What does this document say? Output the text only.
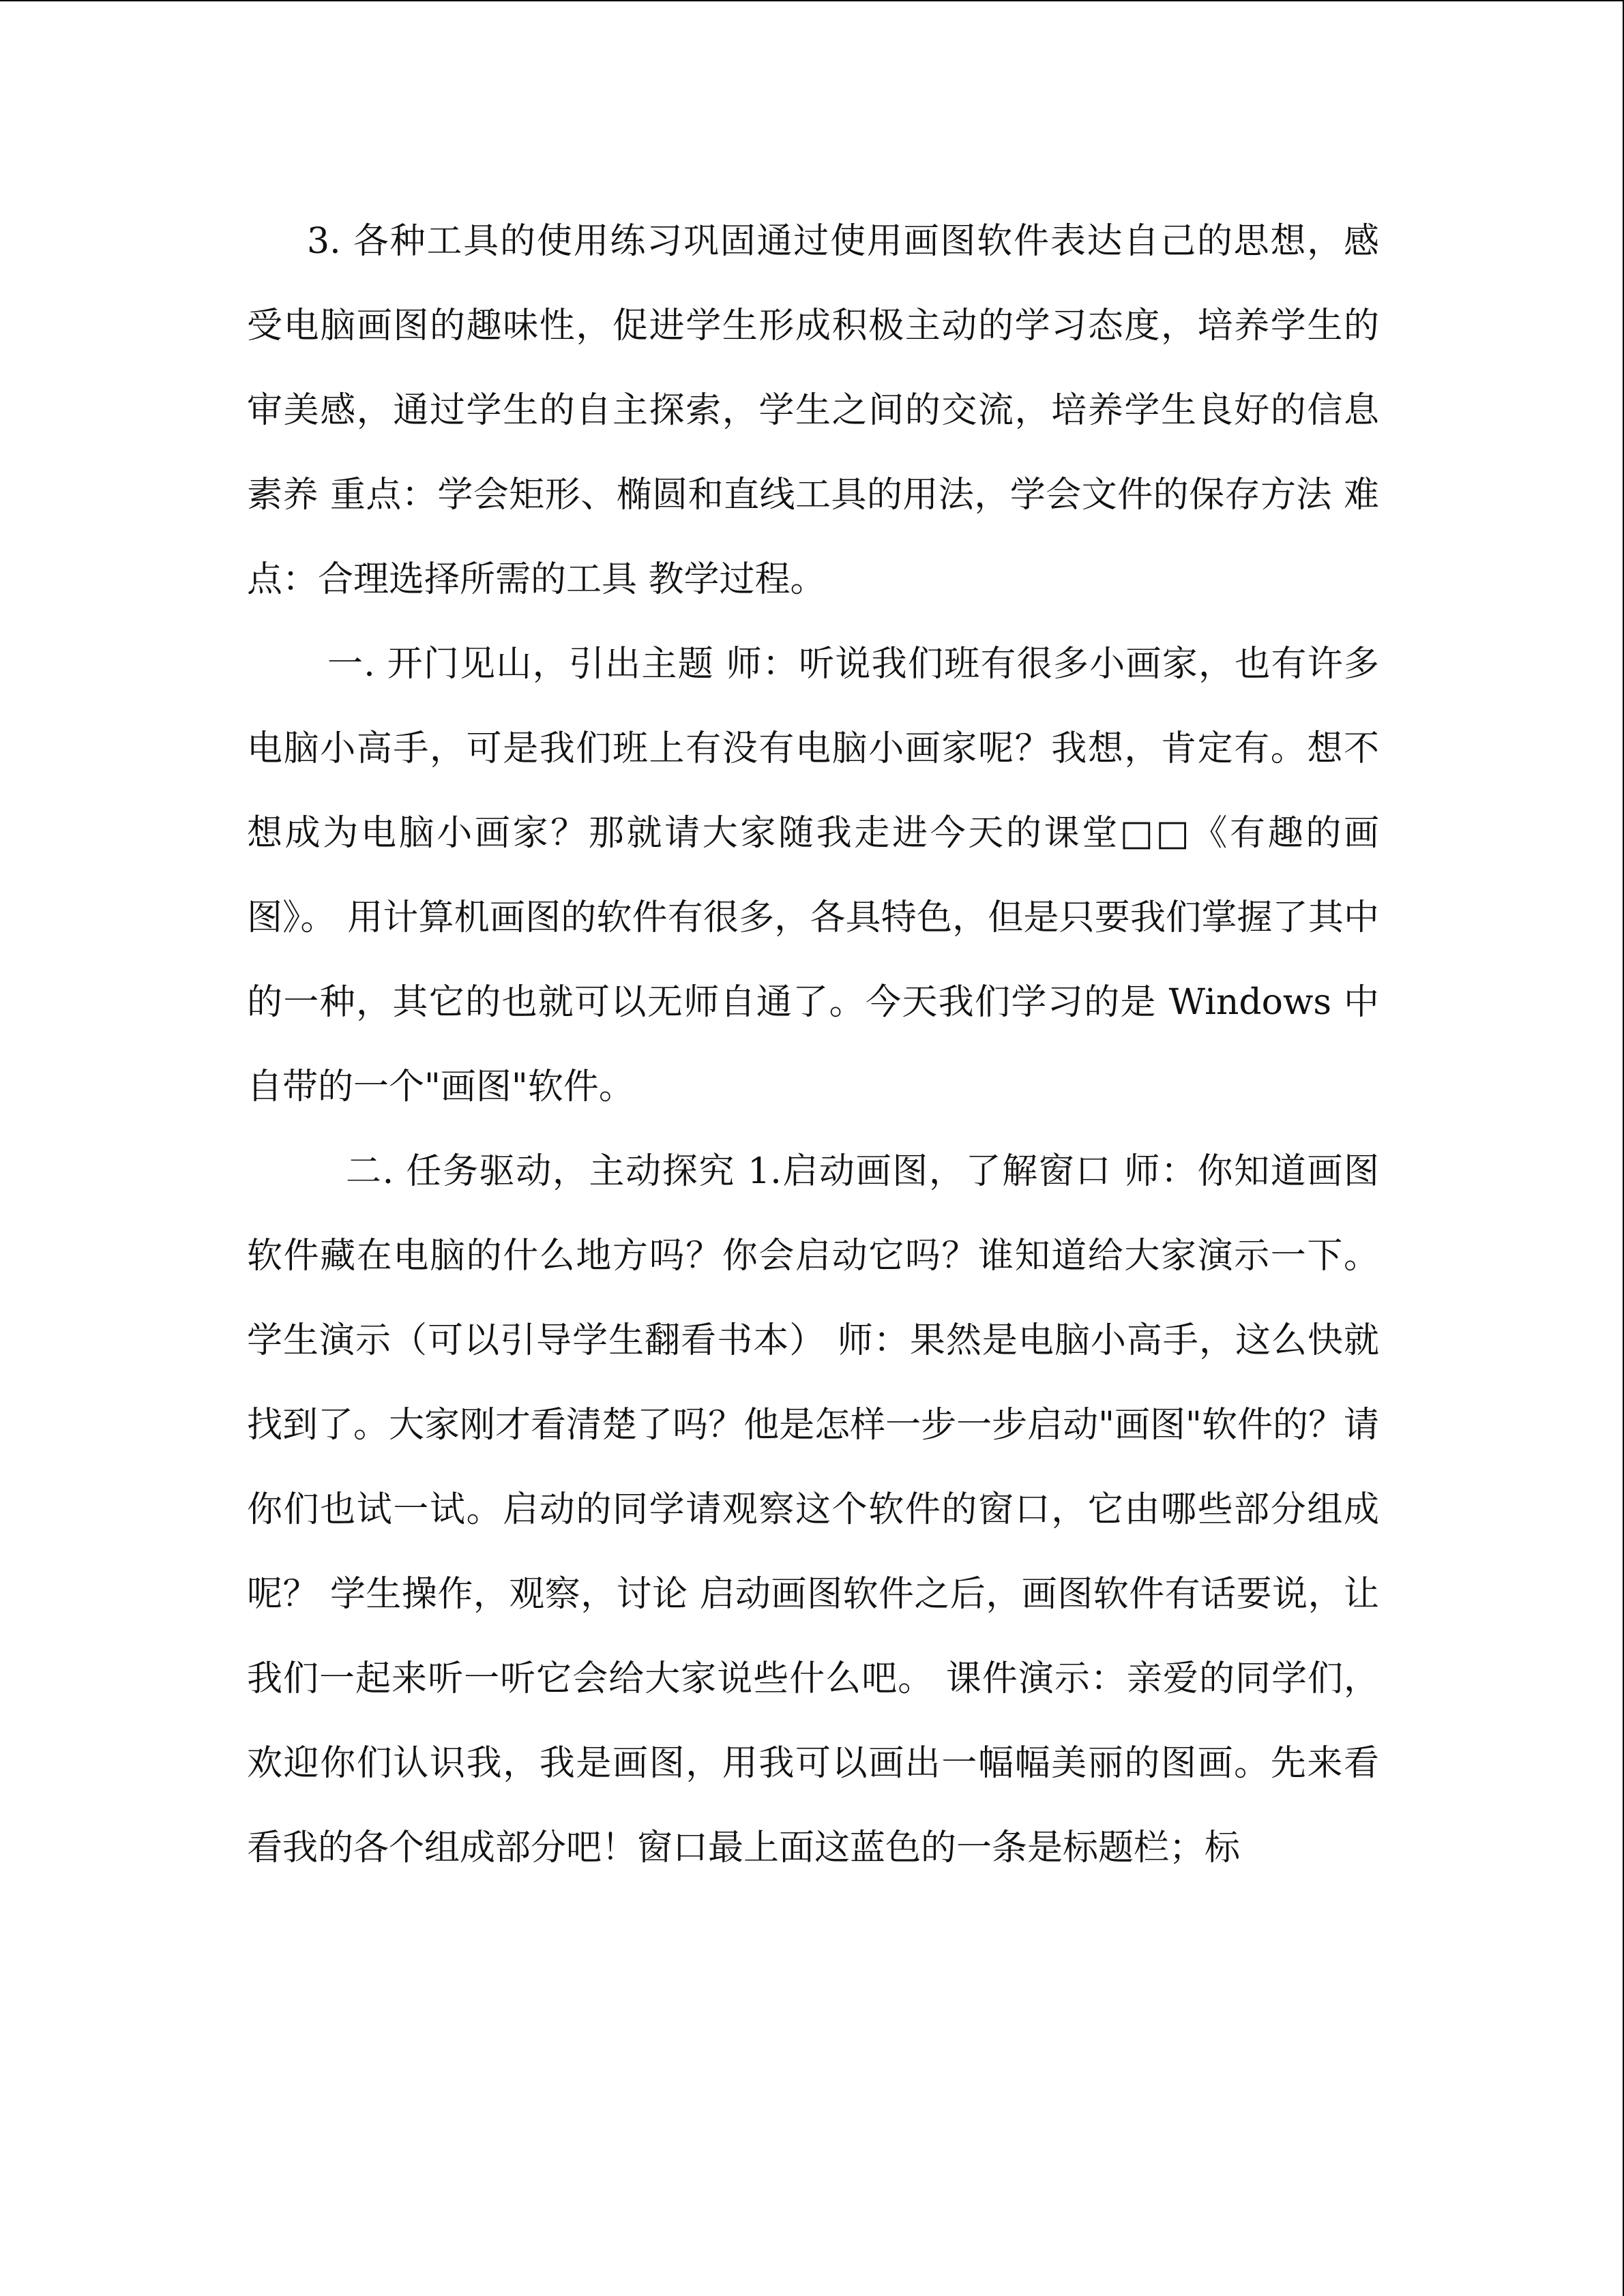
3. 各种工具的使用练习巩固通过使用画图软件表达自己的思想，感受电脑画图的趣味性，促进学生形成积极主动的学习态度，培养学生的审美感，通过学生的自主探索，学生之间的交流，培养学生良好的信息素养 重点：学会矩形、椭圆和直线工具的用法，学会文件的保存方法 难点：合理选择所需的工具 教学过程。

一. 开门见山，引出主题 师：听说我们班有很多小画家，也有许多电脑小高手，可是我们班上有没有电脑小画家呢？我想，肯定有。想不想成为电脑小画家？那就请大家随我走进今天的课堂□□《有趣的画图》。 用计算机画图的软件有很多，各具特色，但是只要我们掌握了其中的一种，其它的也就可以无师自通了。今天我们学习的是 Windows 中自带的一个"画图"软件。

二. 任务驱动，主动探究 1.启动画图，了解窗口 师：你知道画图软件藏在电脑的什么地方吗？你会启动它吗？谁知道给大家演示一下。 学生演示（可以引导学生翻看书本） 师：果然是电脑小高手，这么快就找到了。大家刚才看清楚了吗？他是怎样一步一步启动"画图"软件的？请你们也试一试。启动的同学请观察这个软件的窗口，它由哪些部分组成呢？ 学生操作，观察，讨论 启动画图软件之后，画图软件有话要说，让我们一起来听一听它会给大家说些什么吧。 课件演示：亲爱的同学们，欢迎你们认识我，我是画图，用我可以画出一幅幅美丽的图画。先来看看我的各个组成部分吧！窗口最上面这蓝色的一条是标题栏；标
